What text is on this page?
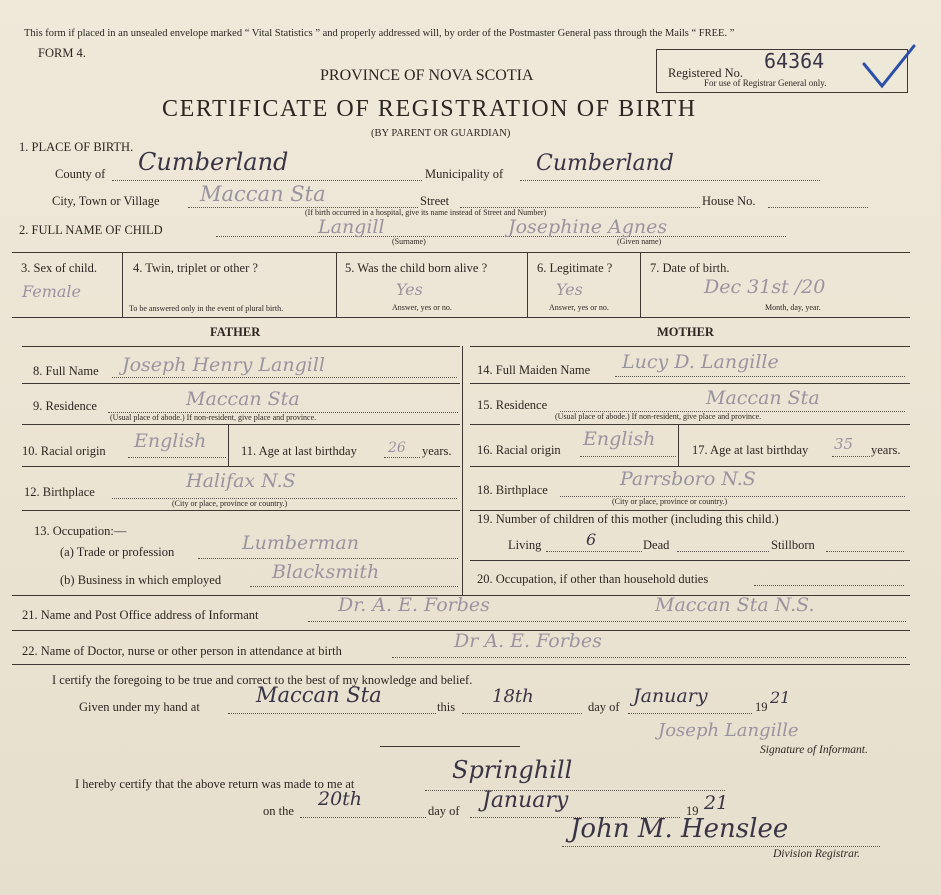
This form if placed in an unsealed envelope marked “ Vital Statistics ” and properly addressed will, by order of the Postmaster General pass through the Mails “ FREE. ”
FORM 4.
PROVINCE OF NOVA SCOTIA
CERTIFICATE OF REGISTRATION OF BIRTH
(BY PARENT OR GUARDIAN)
Registered No. 64364
For use of Registrar General only.
1. PLACE OF BIRTH.
County of Cumberland	Municipality of Cumberland
City, Town or Village Maccan Sta	Street	House No.
(If birth occurred in a hospital, give its name instead of Street and Number)
2. FULL NAME OF CHILD	Langill	Josephine Agnes
(Surname)	(Given name)
3. Sex of child.
Female
4. Twin, triplet or other ?
To be answered only in the event of plural birth.
5. Was the child born alive ?
Yes
Answer, yes or no.
6. Legitimate ?
Yes
Answer, yes or no.
7. Date of birth.
Dec 31st /20
Month, day, year.
FATHER	MOTHER
8. Full Name Joseph Henry Langill
9. Residence	Maccan Sta
(Usual place of abode.) If non-resident, give place and province.
10. Racial origin English	11. Age at last birthday 26 years.
12. Birthplace	Halifax N.S
(City or place, province or country.)
13. Occupation:—
(a) Trade or profession	Lumberman
(b) Business in which employed	Blacksmith
14. Full Maiden Name Lucy D. Langille
15. Residence	Maccan Sta
(Usual place of abode.) If non-resident, give place and province.
16. Racial origin English	17. Age at last birthday 35 years.
18. Birthplace	Parrsboro N.S
(City or place, province or country.)
19. Number of children of this mother (including this child.)
Living	6	Dead	Stillborn
20. Occupation, if other than household duties
21. Name and Post Office address of Informant	Dr. A. E. Forbes	Maccan Sta N.S.
22. Name of Doctor, nurse or other person in attendance at birth	Dr A. E. Forbes
I certify the foregoing to be true and correct to the best of my knowledge and belief.
Given under my hand at	Maccan Sta	this 18th	day of January	19 21
Joseph Langille
Signature of Informant.
I hereby certify that the above return was made to me at	Springhill
on the
20th
day of January	19 21
John M. Henslee
Division Registrar.
